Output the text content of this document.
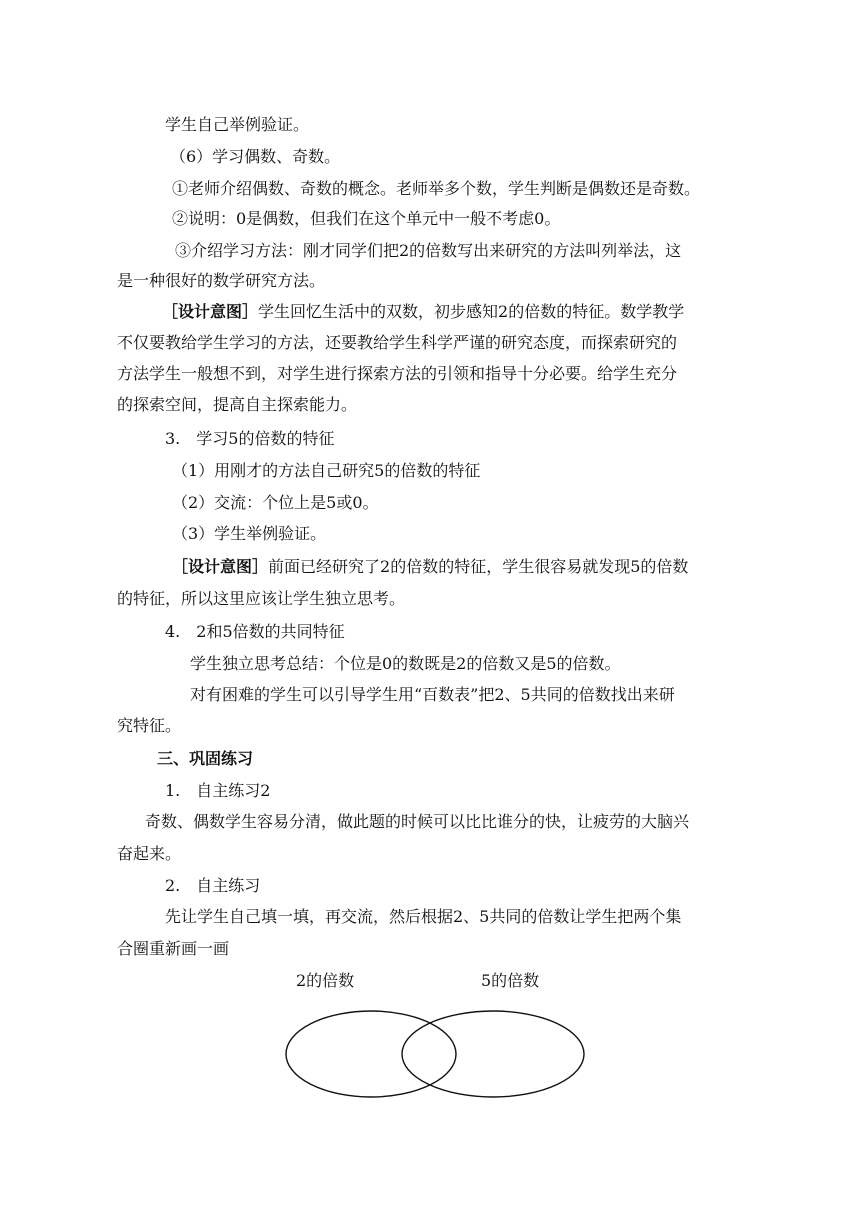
学生自己举例验证。
（6）学习偶数、奇数。
①老师介绍偶数、奇数的概念。老师举多个数，学生判断是偶数还是奇数。
②说明：0是偶数，但我们在这个单元中一般不考虑0。
③介绍学习方法：刚才同学们把2的倍数写出来研究的方法叫列举法，这
是一种很好的数学研究方法。
［设计意图］学生回忆生活中的双数，初步感知2的倍数的特征。数学教学
不仅要教给学生学习的方法，还要教给学生科学严谨的研究态度，而探索研究的
方法学生一般想不到，对学生进行探索方法的引领和指导十分必要。给学生充分
的探索空间，提高自主探索能力。
3.　学习5的倍数的特征
（1）用刚才的方法自己研究5的倍数的特征
（2）交流：个位上是5或0。
（3）学生举例验证。
［设计意图］前面已经研究了2的倍数的特征，学生很容易就发现5的倍数
的特征，所以这里应该让学生独立思考。
4.　2和5倍数的共同特征
学生独立思考总结：个位是0的数既是2的倍数又是5的倍数。
对有困难的学生可以引导学生用“百数表”把2、5共同的倍数找出来研
究特征。
三、巩固练习
1.　自主练习2
奇数、偶数学生容易分清，做此题的时候可以比比谁分的快，让疲劳的大脑兴
奋起来。
2.　自主练习
先让学生自己填一填，再交流，然后根据2、5共同的倍数让学生把两个集
合圈重新画一画
2的倍数	5的倍数
